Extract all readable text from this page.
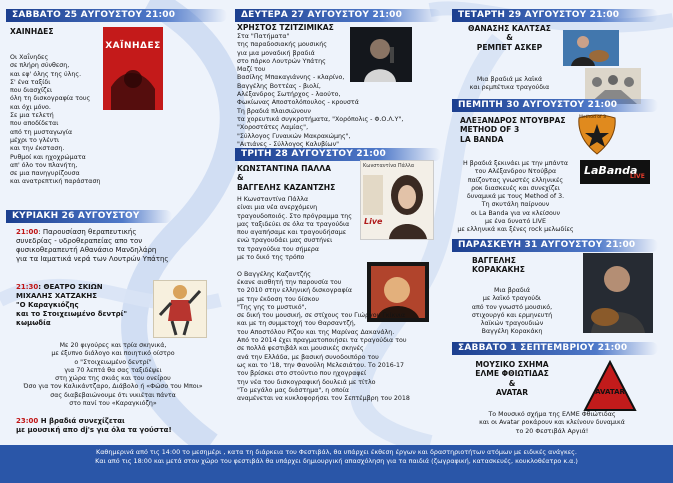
ΣΑΒΒΑΤΟ 25 ΑΥΓΟΥΣΤΟΥ 21:00
ΧΑΙΝΗΔΕΣ
ΧΑΪΝΗΔΕΣ
Οι Χαΐνηδες
σε πλήρη σύνθεση,
και εφ' όλης της ύλης.
Σ' ένα ταξίδι
που διασχίζει
όλη τη δισκογραφία τους
και όχι μόνο.
Σε μια τελετή
που αποδίδεται
από τη μυσταγωγία
μέχρι το γλέντι
και την έκσταση.
Ρυθμοί και ηχοχρώματα
απ' όλο τον πλανήτη,
σε μια πανηγυρίζουσα
και ανατρεπτική παράσταση
ΚΥΡΙΑΚΗ 26 ΑΥΓΟΥΣΤΟΥ
21:00: Παρουσίαση θεραπευτικής
συνεδρίας - υδροθεραπείας απο τον
φυσικοθεραπευτή Αθανάσιο Μανδηλάρη
για τα Ιαματικά νερά των Λουτρών Υπάτης
21:30: ΘΕΑΤΡΟ ΣΚΙΩΝ
ΜΙΧΑΛΗΣ ΧΑΤΖΑΚΗΣ
"Ο Καραγκιόζης
και το Στοιχειωμένο δεντρί"
κωμωδία
Με 20 φιγούρες και τρία σκηνικά,
με έξυπνο διάλογο και ποιητικό οίστρο
ο "Στοιχειωμένο δεντρί"
για 70 λεπτά θα σας ταξιδέψει
στη χώρα της σκιάς και του ονείρου
Όσο για τον Καλικάντζαρο, Διάβολο ή «Φώσο του Μποι»
σας διαβεβαιώνουμε ότι νικιέται πάντα
στο πανί του «Καραγκιόζη»
23:00 Η βραδιά συνεχίζεται
με μουσική απο dj's για όλα τα γούστα!
ΔΕΥΤΕΡΑ 27 ΑΥΓΟΥΣΤΟΥ 21:00
ΧΡΗΣΤΟΣ ΤΖΙΤΖΙΜΙΚΑΣ
Στα "Πατήματα"
της παραδοσιακής μουσικής
για μια μοναδική βραδιά
στο πάρκο Λουτρών Υπάτης
Μαζί του
Βασίλης Μπακαγιάννης - κλαρίνο,
Βαγγέλης Βοττέας - βιολί,
Αλέξανδρος Σωτήρχος - λαούτο,
Φωκίωνας Αποστολόπουλος - κρουστά
Τη βραδιά πλαισιώνουν
τα χορευτικά συγκροτήματα, "Χορόπολις - Φ.Ο.Λ.Υ",
"Χοροστάτες Λαμίας",
"Σύλλογος Γυναικών Μακρακώμης",
"Αιτιάνες - Σύλλογος Καλυβίων"
ΤΡΙΤΗ 28 ΑΥΓΟΥΣΤΟΥ 21:00
ΚΩΝΣΤΑΝΤΙΝΑ ΠΑΛΛΑ
&
ΒΑΓΓΕΛΗΣ ΚΑΖΑΝΤΖΗΣ
Κωνσταντίνα Πάλλα
Live
Η Κωνσταντίνα Πάλλα
είναι μια νέα ανερχόμενη
τραγουδοποιός. Στο πρόγραμμα της
μας ταξιδεύει σε όλα τα τραγούδια
που αγαπήσαμε και τραγουδήσαμε
ενώ τραγουδάει μας συστήνει
τα τραγούδια του σήμερα
με το δικό της τρόπο

Ο Βαγγέλης Καζαντζής
έκανε αισθητή την παρουσία του
το 2010 στην ελληνική δισκογραφία
με την έκδοση του δίσκου
"Της γης το μυστικό",
σε δική του μουσική, σε στίχους του Γιώργου Γκίκνια
και με τη συμμετοχή του Θαρσαντζή,
του Αποστόλου Ρίζου και της Μαρίνας Δακανάλη.
Από το 2014 έχει πραγματοποιήσει τα τραγούδια του
σε πολλά φεστιβάλ και μουσικές σκηνές
ανά την Ελλάδα, με βασική συνοδοιπόρο του
ως και το '18, την Φανούλη Μελεσιάτου. Το 2016-17
τον βρίσκει στο στούντιο που ηχογραφεί
την νέα του δισκογραφική δουλειά με τίτλο
"Το μεγάλο μας διάστημα", η οποία
αναμένεται να κυκλοφορήσει τον Σεπτέμβρη του 2018
ΤΕΤΑΡΤΗ 29 ΑΥΓΟΥΣΤΟΥ 21:00
ΘΑΝΑΣΗΣ ΚΑΛΤΣΑΣ
&
ΡΕΜΠΕΤ ΑΣΚΕΡ
Μια βραδιά με λαϊκά
και ρεμπέτικα τραγούδια
ΠΕΜΠΤΗ 30 ΑΥΓΟΥΣΤΟΥ 21:00
ΑΛΕΞΑΝΔΡΟΣ ΝΤΟΥΒΡΑΣ
METHOD OF 3
LA BANDA
Method of 3
LaBanda
LIVE
Η βραδιά ξεκινάει με την μπάντα
του Αλέξανδρου Ντούβρα
παίζοντας γνωστές ελληνικές
ροκ διασκευές και συνεχίζει
δυναμικά με τους Method of 3.
Τη σκυτάλη παίρνουν
οι La Banda για να κλείσουν
με ένα δυνατό LIVE
με ελληνικά και ξένες rock μελωδίες
ΠΑΡΑΣΚΕΥΗ 31 ΑΥΓΟΥΣΤΟΥ 21:00
ΒΑΓΓΕΛΗΣ
ΚΟΡΑΚΑΚΗΣ
Μια βραδιά
με λαϊκό τραγούδι
από τον γνωστό μουσικό,
στιχουργό και ερμηνευτή
λαϊκών τραγουδιών
Βαγγέλη Κορακάκη
ΣΑΒΒΑΤΟ 1 ΣΕΠΤΕΜΒΡΙΟΥ 21:00
ΜΟΥΣΙΚΟ ΣΧΗΜΑ
ΕΛΜΕ ΦΘΙΩΤΙΔΑΣ
&
AVATAR	AVATAR
Το Μουσικό σχήμα της ΕΛΜΕ Φθιώτιδας
και οι Avatar ροκάρουν και κλείνουν δυναμικά
το 20 Φεστιβάλ Αργιά!
Καθημερινά από τις 14:00 το μεσημέρι , κατα τη διάρκεια του Φεστιβάλ, θα υπάρχει έκθεση έργων και δραστηριοτήτων ατόμων με ειδικές ανάγκες.
Και από τις 18:00 και μετά στον χώρο του φεστιβάλ θα υπάρχει δημιουργική απασχόληση για τα παιδιά (ζωγραφική, κατασκευές, κουκλοθέατρο κ.α.)
